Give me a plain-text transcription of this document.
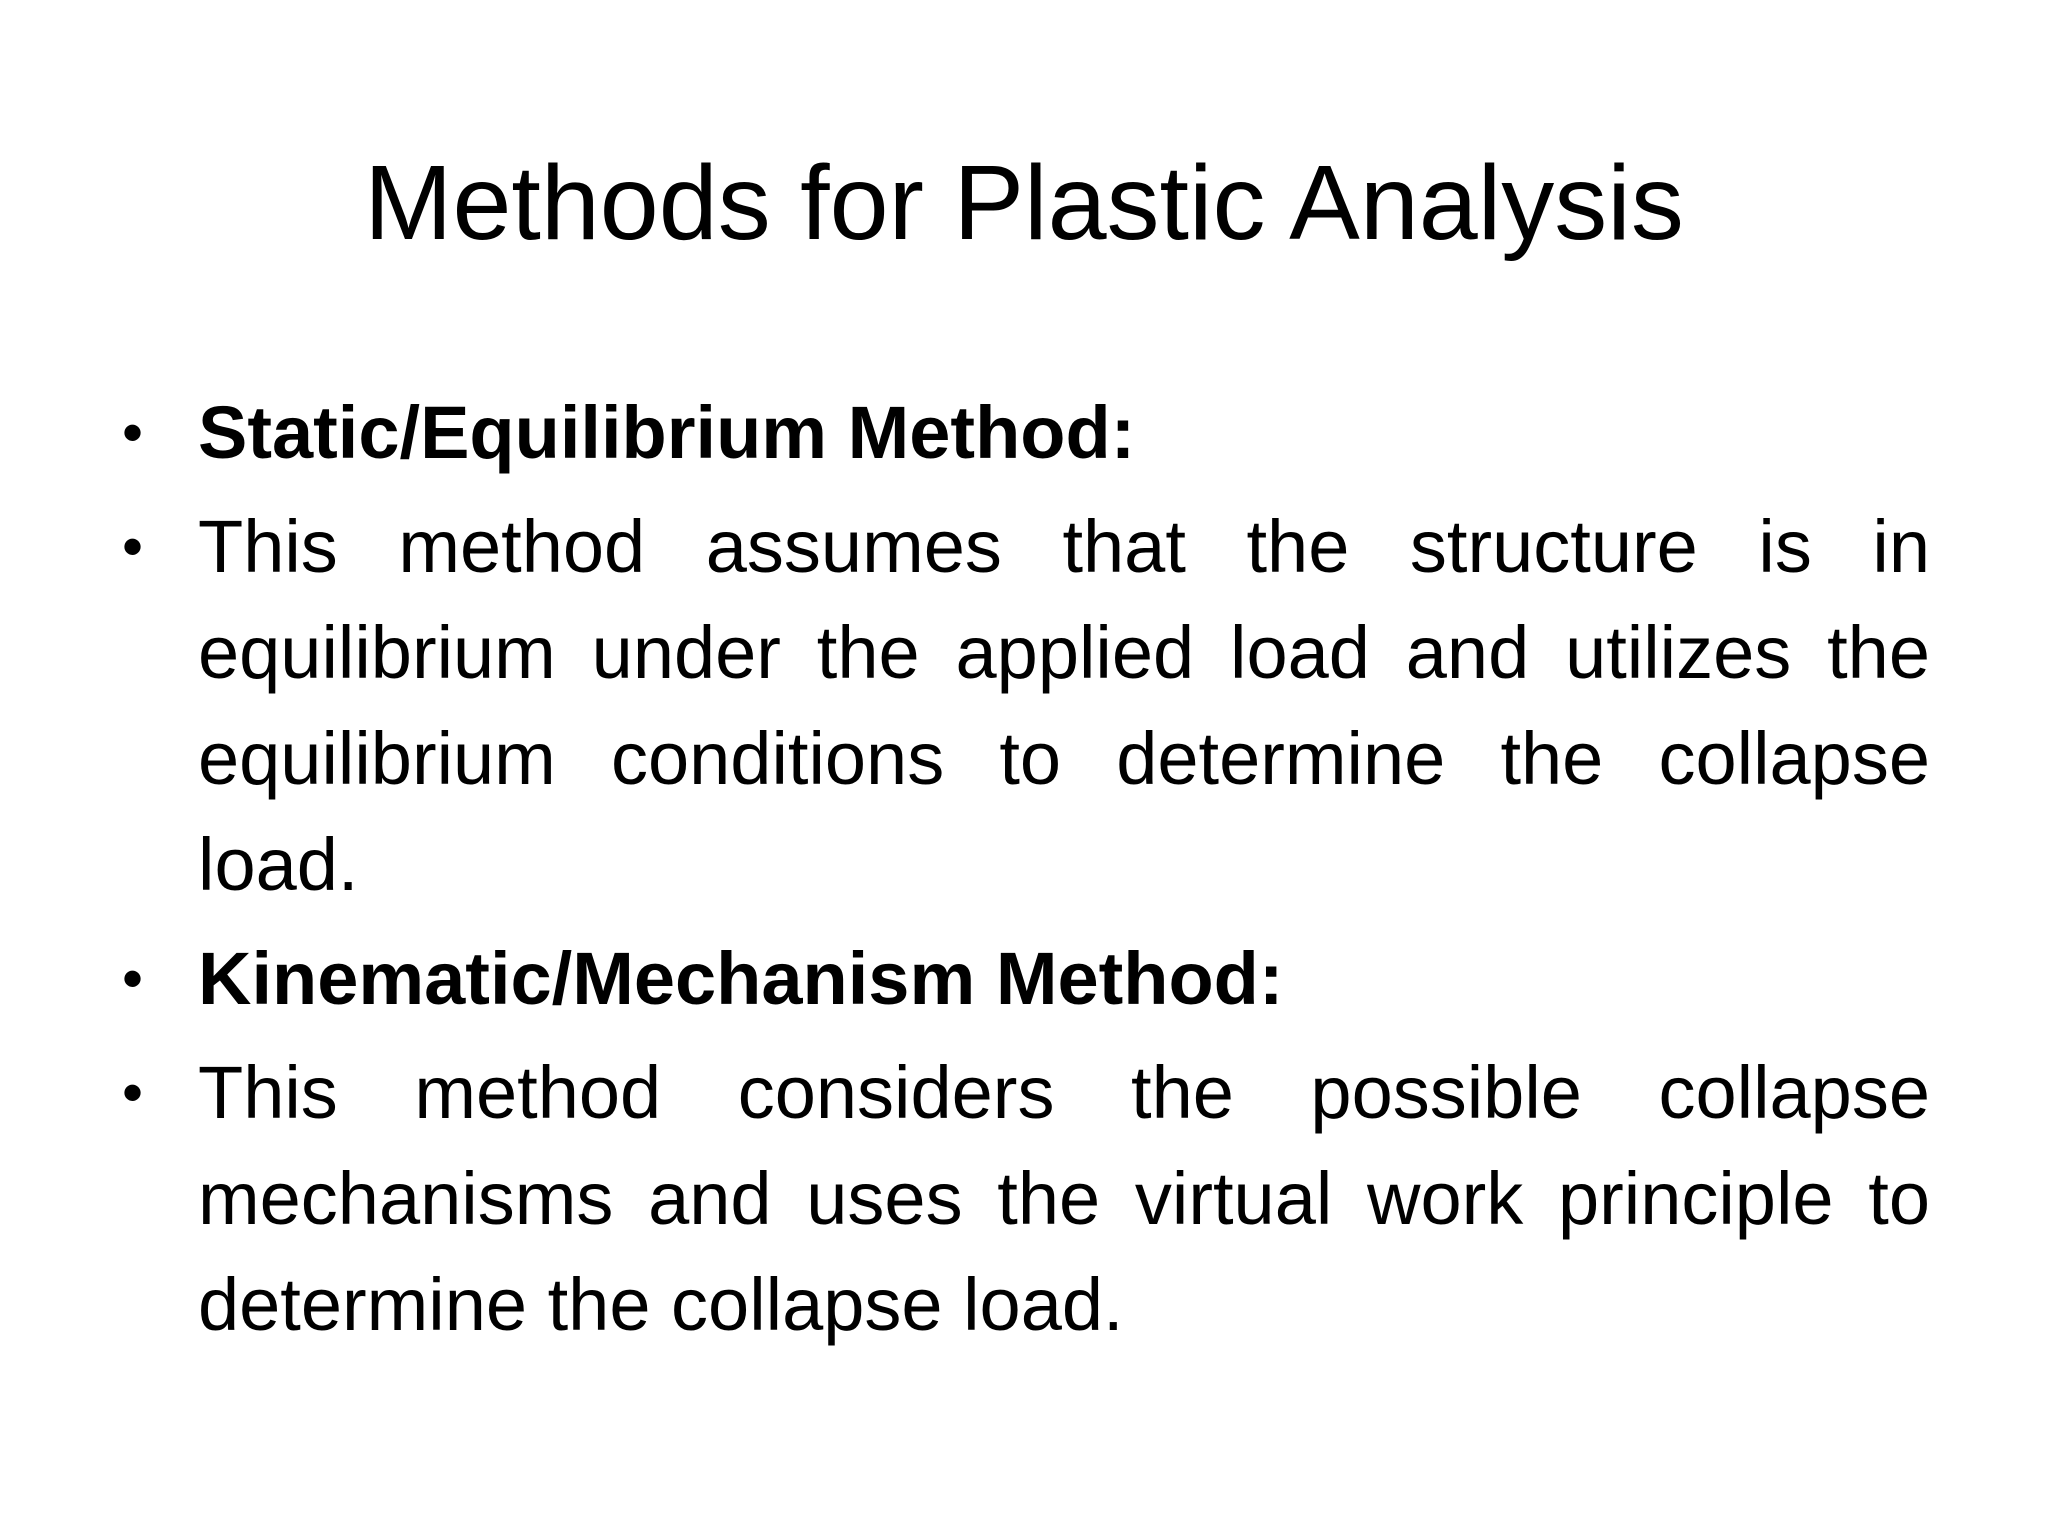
Methods for Plastic Analysis
• Static/Equilibrium Method:
• This method assumes that the structure is in equilibrium under the applied load and utilizes the equilibrium conditions to determine the collapse load.
• Kinematic/Mechanism Method:
• This method considers the possible collapse mechanisms and uses the virtual work principle to determine the collapse load.
